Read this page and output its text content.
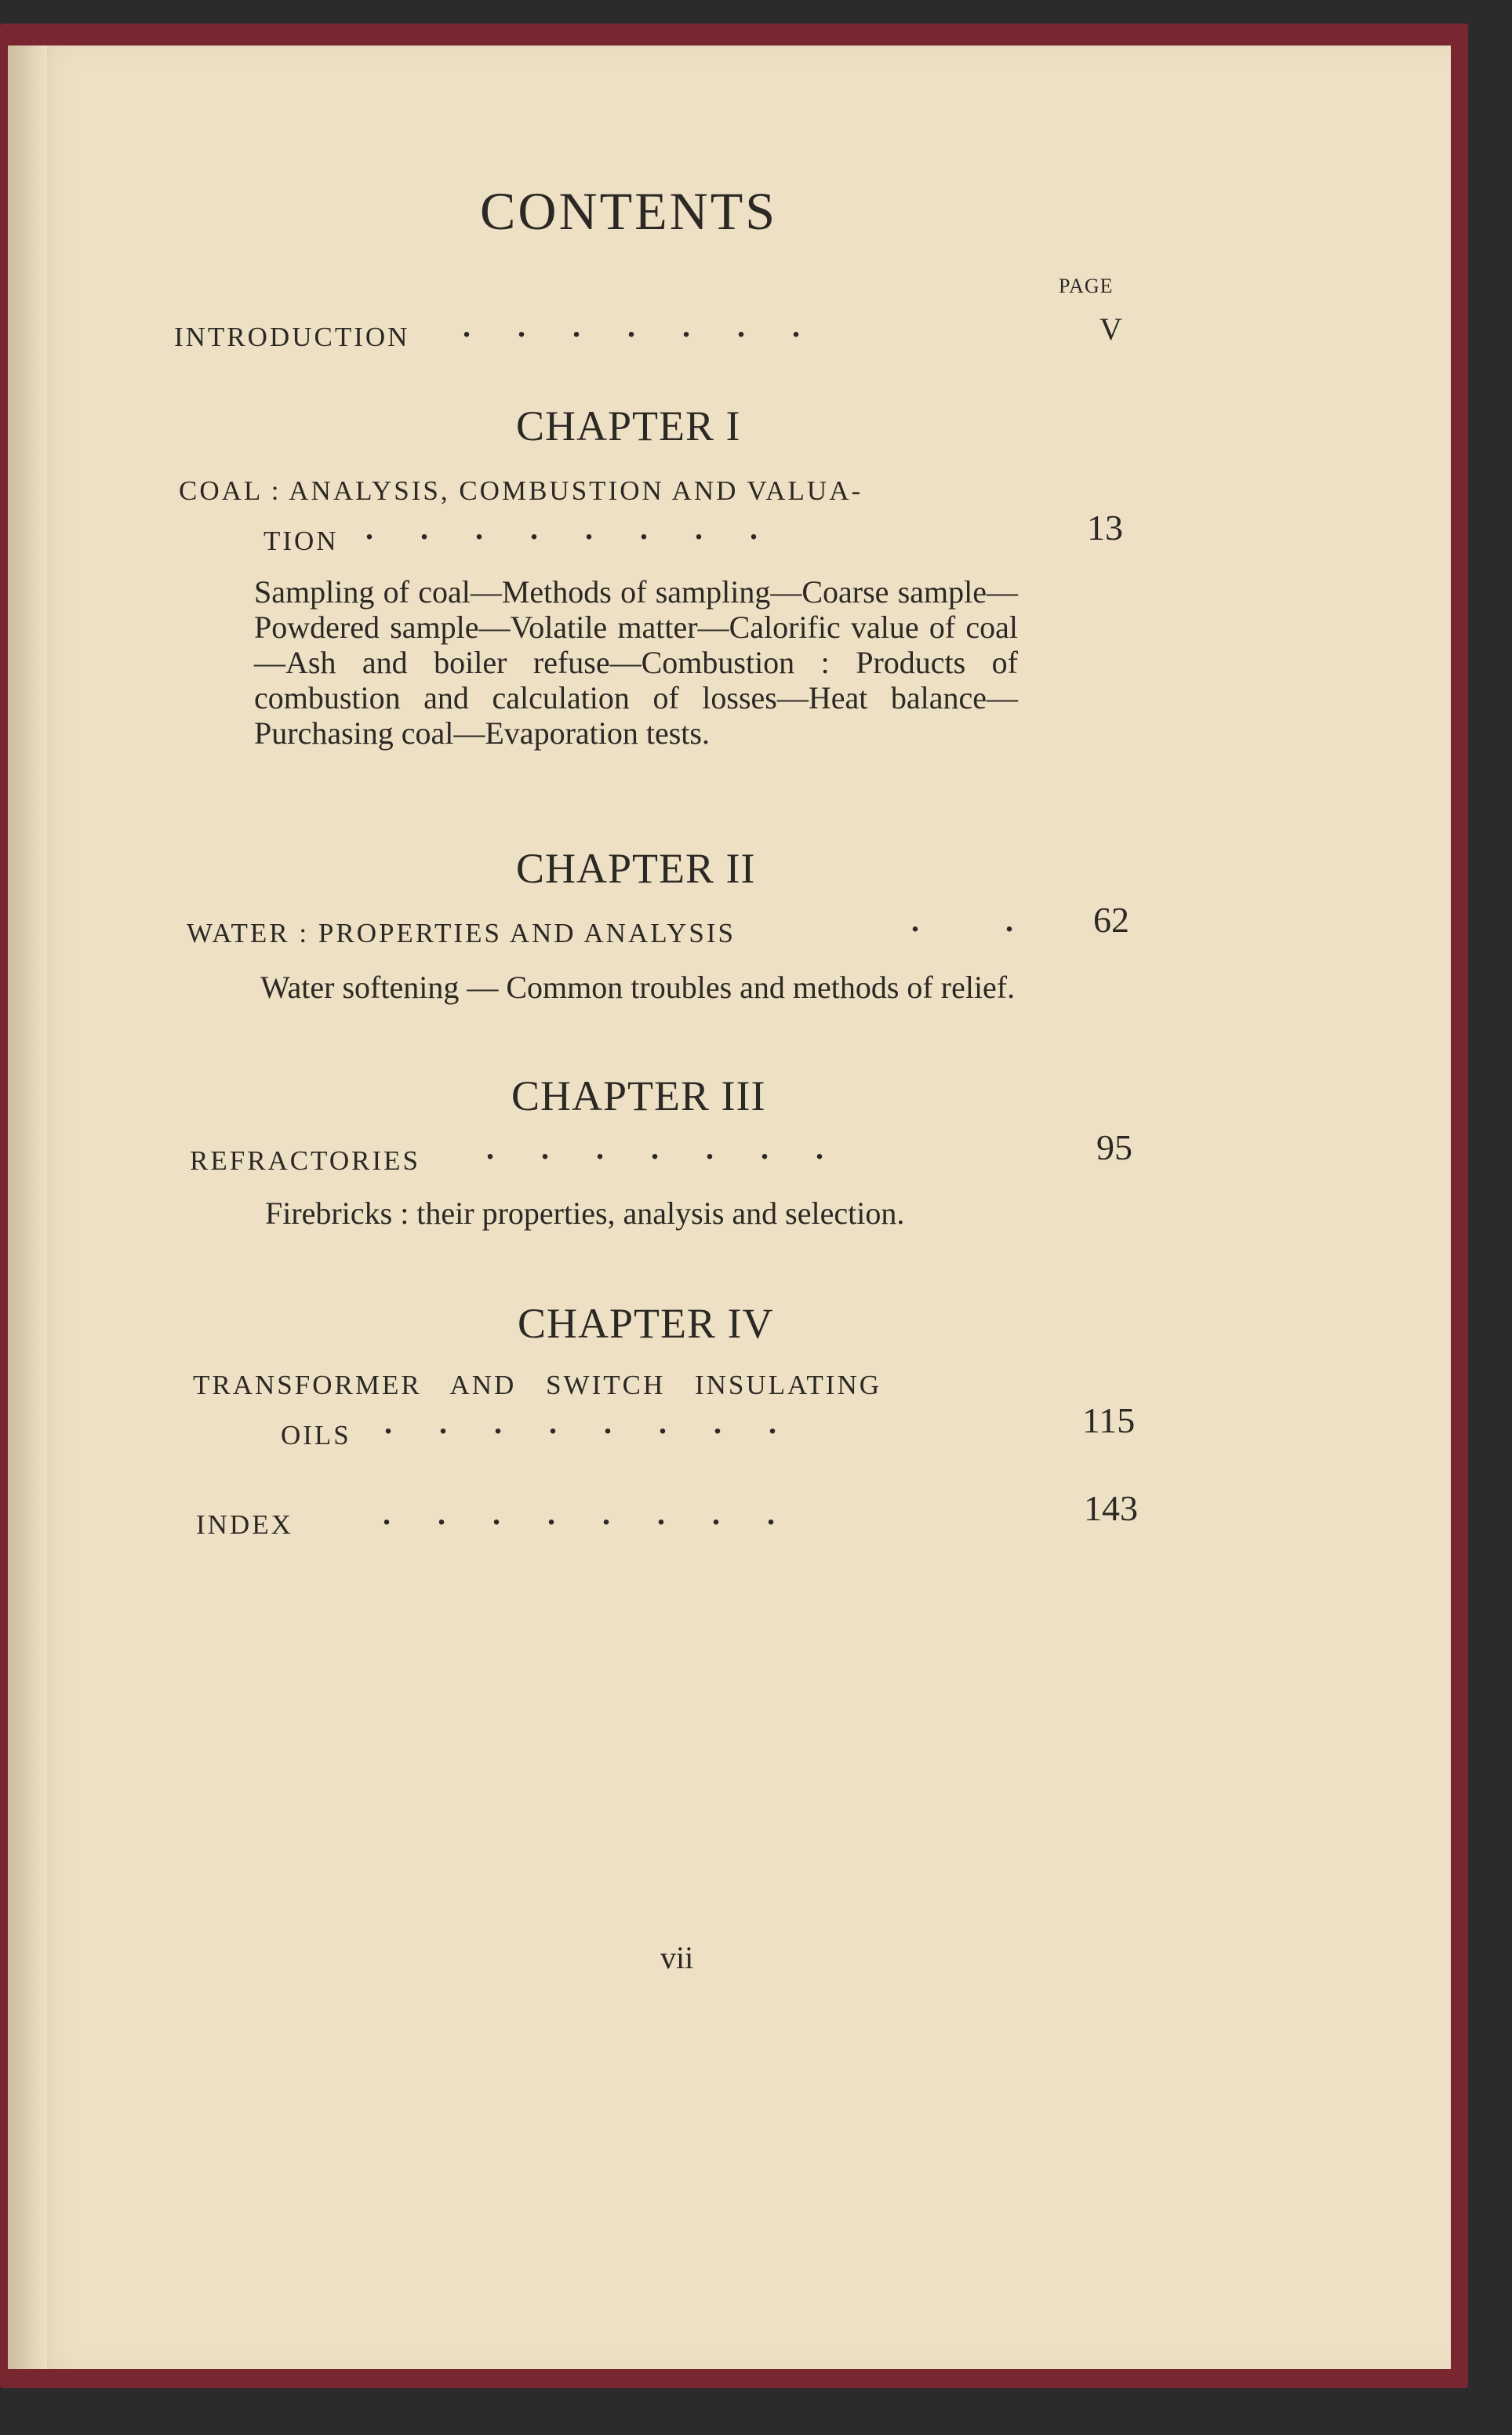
CONTENTS
PAGE
INTRODUCTION .      .      .      .      .      .      .	V
CHAPTER I
COAL : ANALYSIS, COMBUSTION AND VALUA-
TION .      .      .      .      .      .      .      .	13
Sampling of coal—Methods of sampling—Coarse sample—Powdered sample—Volatile matter—Calorific value of coal—Ash and boiler refuse—Combustion : Products of combustion and calculation of losses—Heat balance—Purchasing coal—Evaporation tests.
CHAPTER II
WATER : PROPERTIES AND ANALYSIS	.           . 62
Water softening — Common troubles and methods of relief.
CHAPTER III
REFRACTORIES .      .      .      .      .      .      .	95
Firebricks : their properties, analysis and selection.
CHAPTER IV
TRANSFORMER AND SWITCH INSULATING
OILS .      .      .      .      .      .      .      .	115
INDEX	.      .      .      .      .      .      .      .	143
vii
